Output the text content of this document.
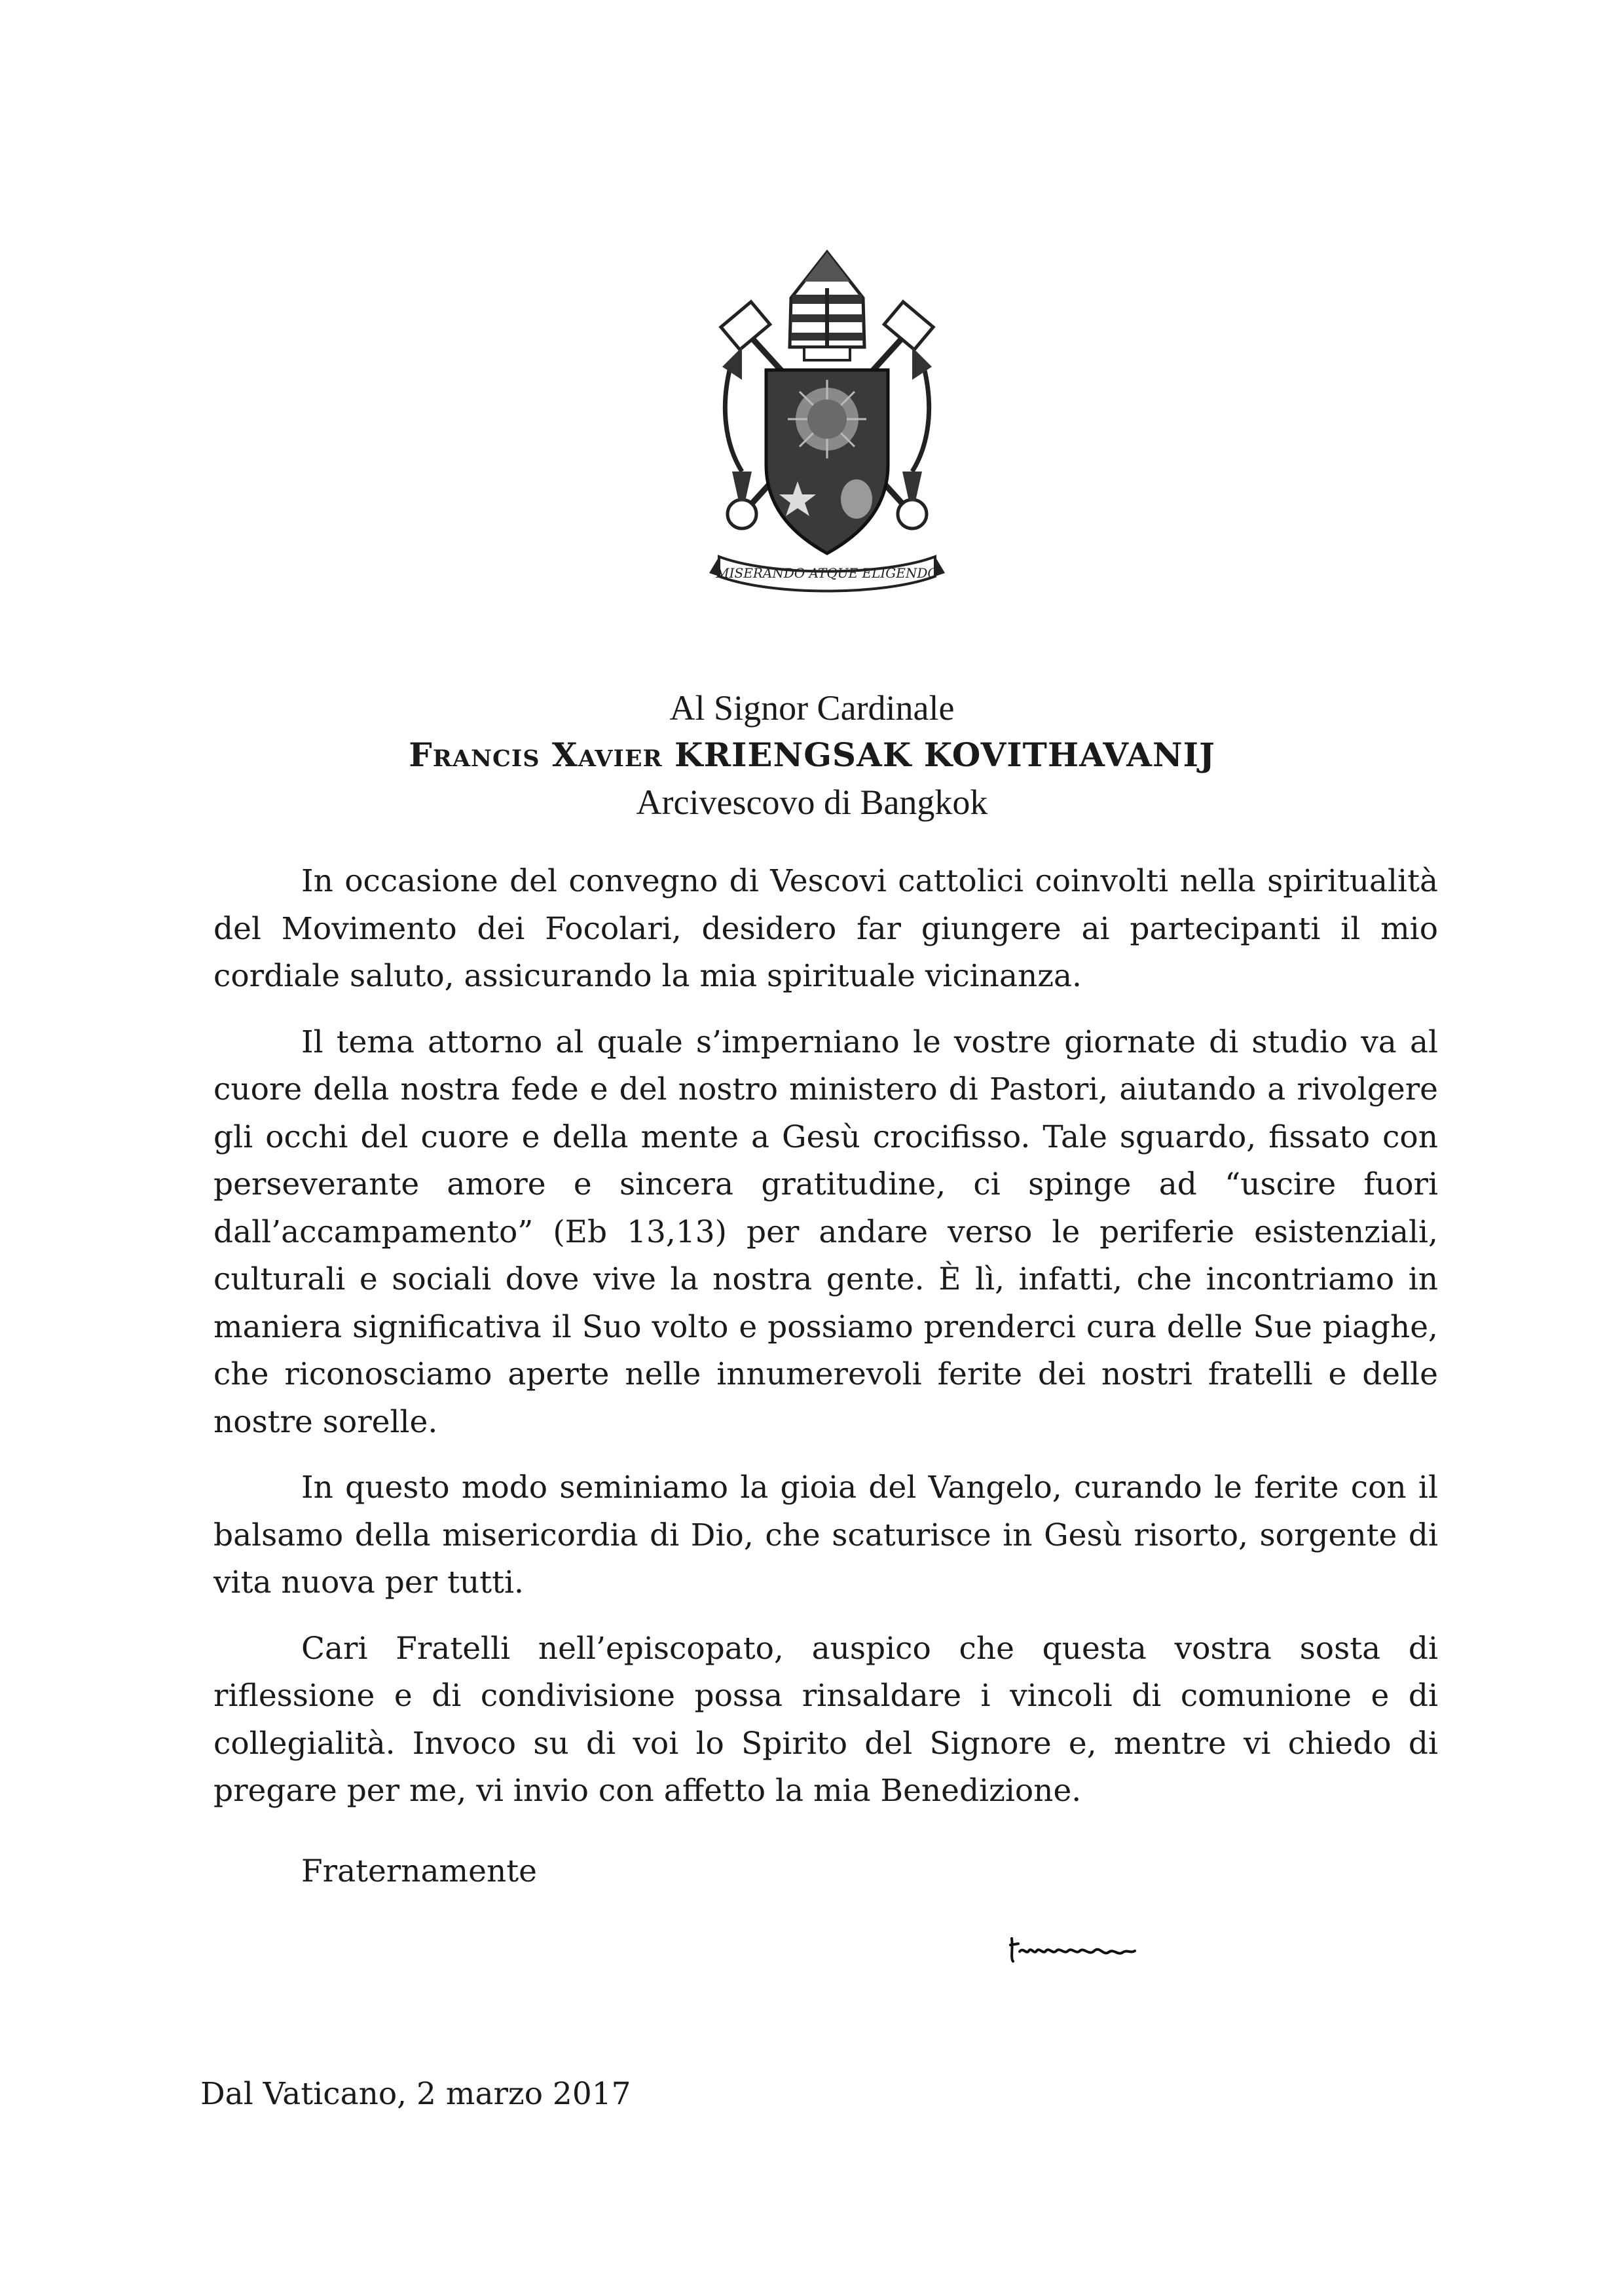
MISERANDO ATQUE ELIGENDO
Al Signor Cardinale
Francis Xavier KRIENGSAK KOVITHAVANIJ
Arcivescovo di Bangkok

In occasione del convegno di Vescovi cattolici coinvolti nella spiritualità del Movimento dei Focolari, desidero far giungere ai partecipanti il mio cordiale saluto, assicurando la mia spirituale vicinanza.

Il tema attorno al quale s’imperniano le vostre giornate di studio va al cuore della nostra fede e del nostro ministero di Pastori, aiutando a rivolgere gli occhi del cuore e della mente a Gesù crocifisso. Tale sguardo, fissato con perseverante amore e sincera gratitudine, ci spinge ad “uscire fuori dall’accampamento” (Eb 13,13) per andare verso le periferie esistenziali, culturali e sociali dove vive la nostra gente. È lì, infatti, che incontriamo in maniera significativa il Suo volto e possiamo prenderci cura delle Sue piaghe, che riconosciamo aperte nelle innumerevoli ferite dei nostri fratelli e delle nostre sorelle.

In questo modo seminiamo la gioia del Vangelo, curando le ferite con il balsamo della misericordia di Dio, che scaturisce in Gesù risorto, sorgente di vita nuova per tutti.

Cari Fratelli nell’episcopato, auspico che questa vostra sosta di riflessione e di condivisione possa rinsaldare i vincoli di comunione e di collegialità. Invoco su di voi lo Spirito del Signore e, mentre vi chiedo di pregare per me, vi invio con affetto la mia Benedizione.

Fraternamente
Dal Vaticano, 2 marzo 2017
